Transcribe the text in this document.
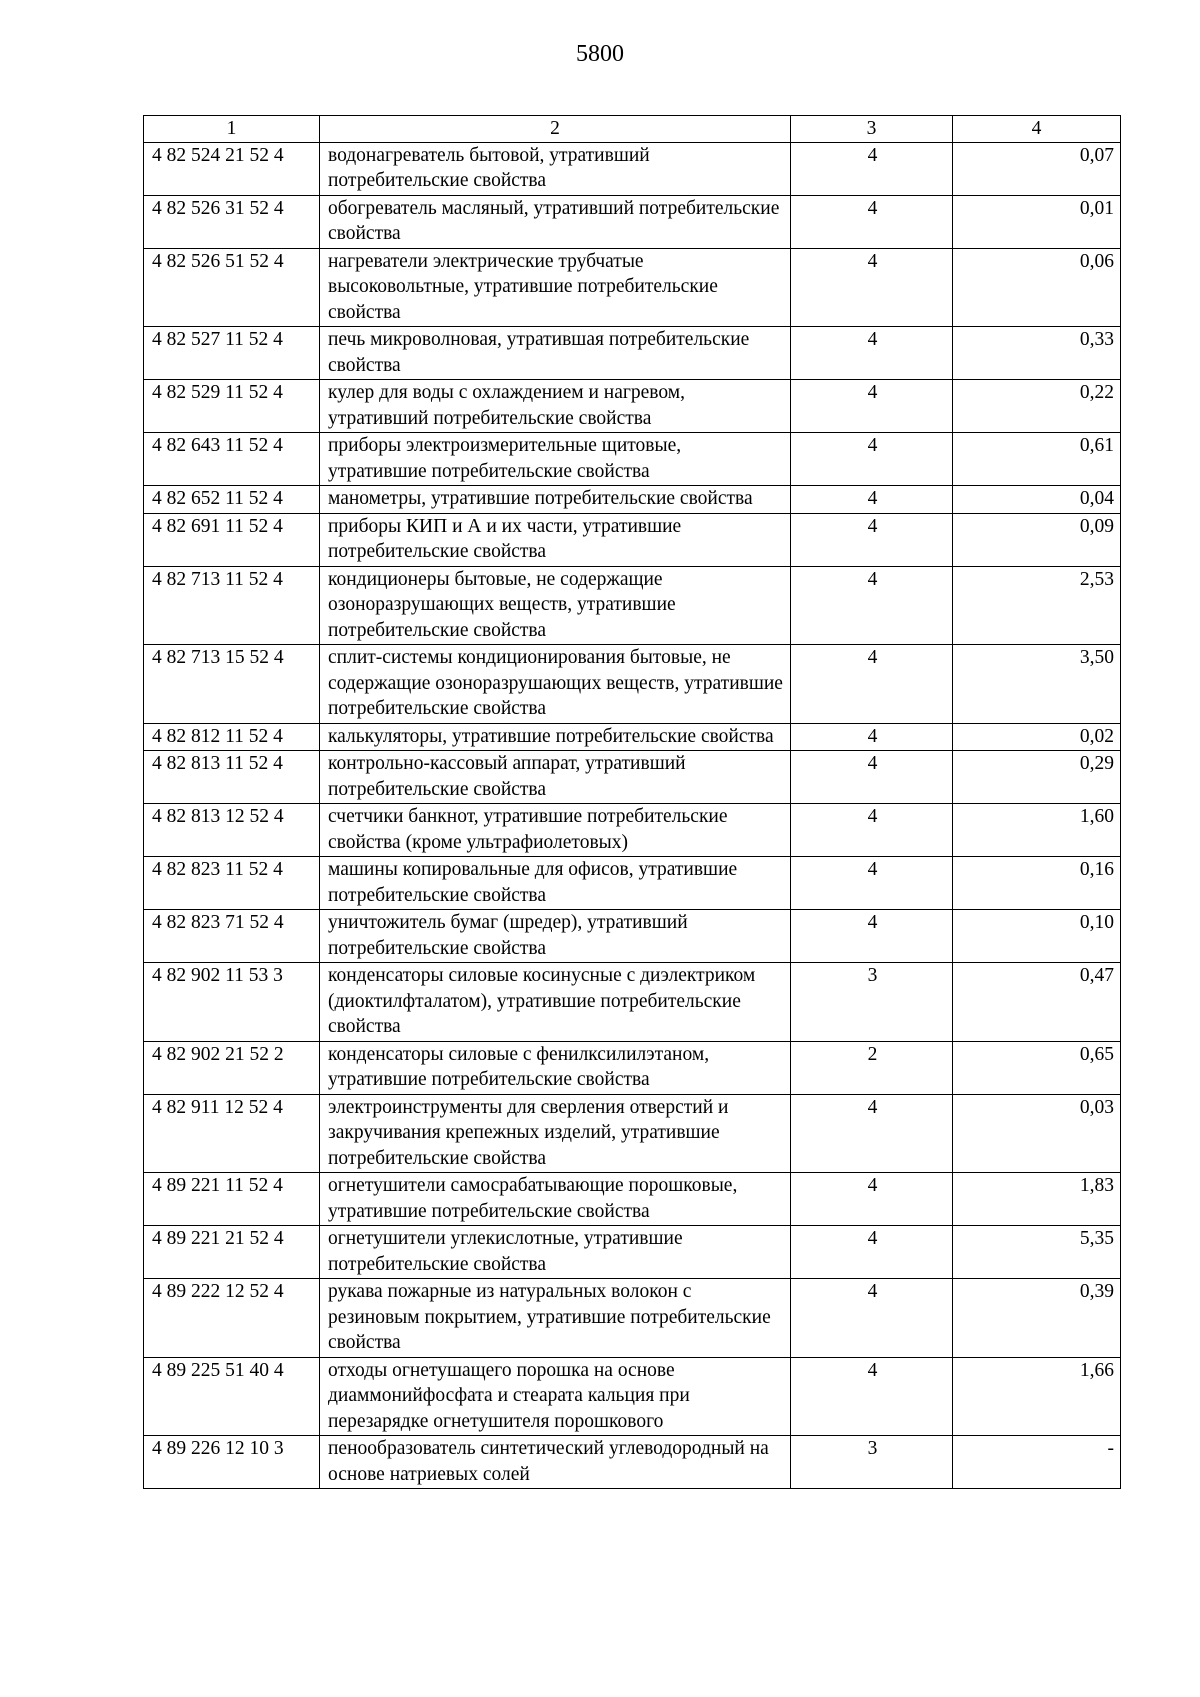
5800
1	2	3	4
4 82 524 21 52 4	водонагреватель бытовой, утративший потребительские свойства	4	0,07
4 82 526 31 52 4	обогреватель масляный, утративший потребительские свойства	4	0,01
4 82 526 51 52 4	нагреватели электрические трубчатые высоковольтные, утратившие потребительские свойства	4	0,06
4 82 527 11 52 4	печь микроволновая, утратившая потребительские свойства	4	0,33
4 82 529 11 52 4	кулер для воды с охлаждением и нагревом, утративший потребительские свойства	4	0,22
4 82 643 11 52 4	приборы электроизмерительные щитовые, утратившие потребительские свойства	4	0,61
4 82 652 11 52 4	манометры, утратившие потребительские свойства	4	0,04
4 82 691 11 52 4	приборы КИП и А и их части, утратившие потребительские свойства	4	0,09
4 82 713 11 52 4	кондиционеры бытовые, не содержащие озоноразрушающих веществ, утратившие потребительские свойства	4	2,53
4 82 713 15 52 4	сплит-системы кондиционирования бытовые, не содержащие озоноразрушающих веществ, утратившие потребительские свойства	4	3,50
4 82 812 11 52 4	калькуляторы, утратившие потребительские свойства	4	0,02
4 82 813 11 52 4	контрольно-кассовый аппарат, утративший потребительские свойства	4	0,29
4 82 813 12 52 4	счетчики банкнот, утратившие потребительские свойства (кроме ультрафиолетовых)	4	1,60
4 82 823 11 52 4	машины копировальные для офисов, утратившие потребительские свойства	4	0,16
4 82 823 71 52 4	уничтожитель бумаг (шредер), утративший потребительские свойства	4	0,10
4 82 902 11 53 3	конденсаторы силовые косинусные с диэлектриком (диоктилфталатом), утратившие потребительские свойства	3	0,47
4 82 902 21 52 2	конденсаторы силовые с фенилксилилэтаном, утратившие потребительские свойства	2	0,65
4 82 911 12 52 4	электроинструменты для сверления отверстий и закручивания крепежных изделий, утратившие потребительские свойства	4	0,03
4 89 221 11 52 4	огнетушители самосрабатывающие порошковые, утратившие потребительские свойства	4	1,83
4 89 221 21 52 4	огнетушители углекислотные, утратившие потребительские свойства	4	5,35
4 89 222 12 52 4	рукава пожарные из натуральных волокон с резиновым покрытием, утратившие потребительские свойства	4	0,39
4 89 225 51 40 4	отходы огнетушащего порошка на основе диаммонийфосфата и стеарата кальция при перезарядке огнетушителя порошкового	4	1,66
4 89 226 12 10 3	пенообразователь синтетический углеводородный на основе натриевых солей	3	-
